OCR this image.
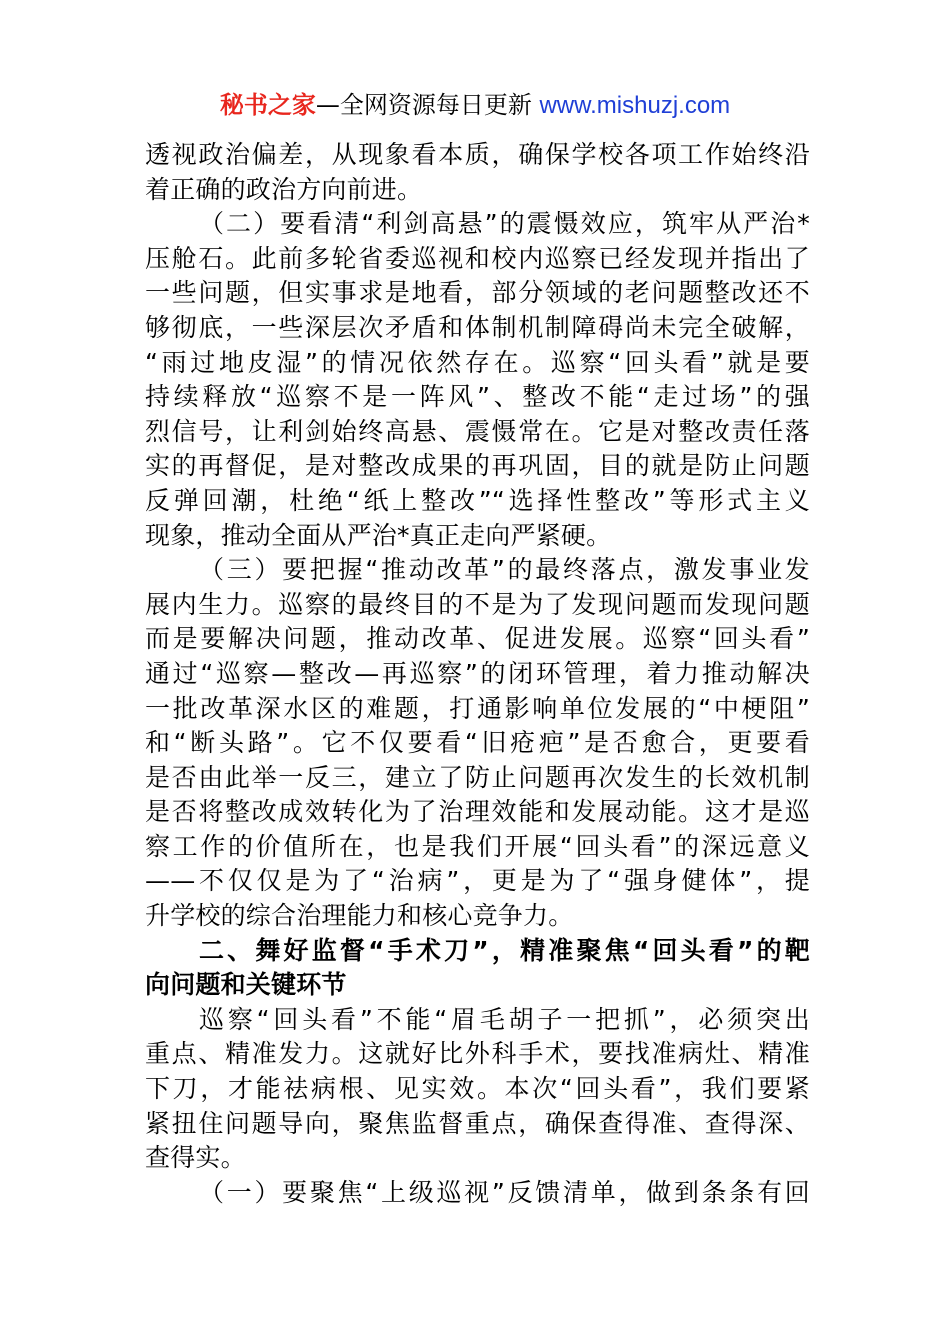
秘书之家—全网资源每日更新 www.mishuzj.com
透视政治偏差，从现象看本质，确保学校各项工作始终沿
着正确的政治方向前进。
（二）要看清“利剑高悬”的震慑效应，筑牢从严治*
压舱石。此前多轮省委巡视和校内巡察已经发现并指出了
一些问题，但实事求是地看，部分领域的老问题整改还不
够彻底，一些深层次矛盾和体制机制障碍尚未完全破解，
“雨过地皮湿”的情况依然存在。巡察“回头看”就是要
持续释放“巡察不是一阵风”、整改不能“走过场”的强
烈信号，让利剑始终高悬、震慑常在。它是对整改责任落
实的再督促，是对整改成果的再巩固，目的就是防止问题
反弹回潮，杜绝“纸上整改”“选择性整改”等形式主义
现象，推动全面从严治*真正走向严紧硬。
（三）要把握“推动改革”的最终落点，激发事业发
展内生力。巡察的最终目的不是为了发现问题而发现问题
而是要解决问题，推动改革、促进发展。巡察“回头看”
通过“巡察—整改—再巡察”的闭环管理，着力推动解决
一批改革深水区的难题，打通影响单位发展的“中梗阻”
和“断头路”。它不仅要看“旧疮疤”是否愈合，更要看
是否由此举一反三，建立了防止问题再次发生的长效机制
是否将整改成效转化为了治理效能和发展动能。这才是巡
察工作的价值所在，也是我们开展“回头看”的深远意义
——不仅仅是为了“治病”，更是为了“强身健体”，提
升学校的综合治理能力和核心竞争力。
二、舞好监督“手术刀”，精准聚焦“回头看”的靶
向问题和关键环节
巡察“回头看”不能“眉毛胡子一把抓”，必须突出
重点、精准发力。这就好比外科手术，要找准病灶、精准
下刀，才能祛病根、见实效。本次“回头看”，我们要紧
紧扭住问题导向，聚焦监督重点，确保查得准、查得深、
查得实。
（一）要聚焦“上级巡视”反馈清单，做到条条有回
